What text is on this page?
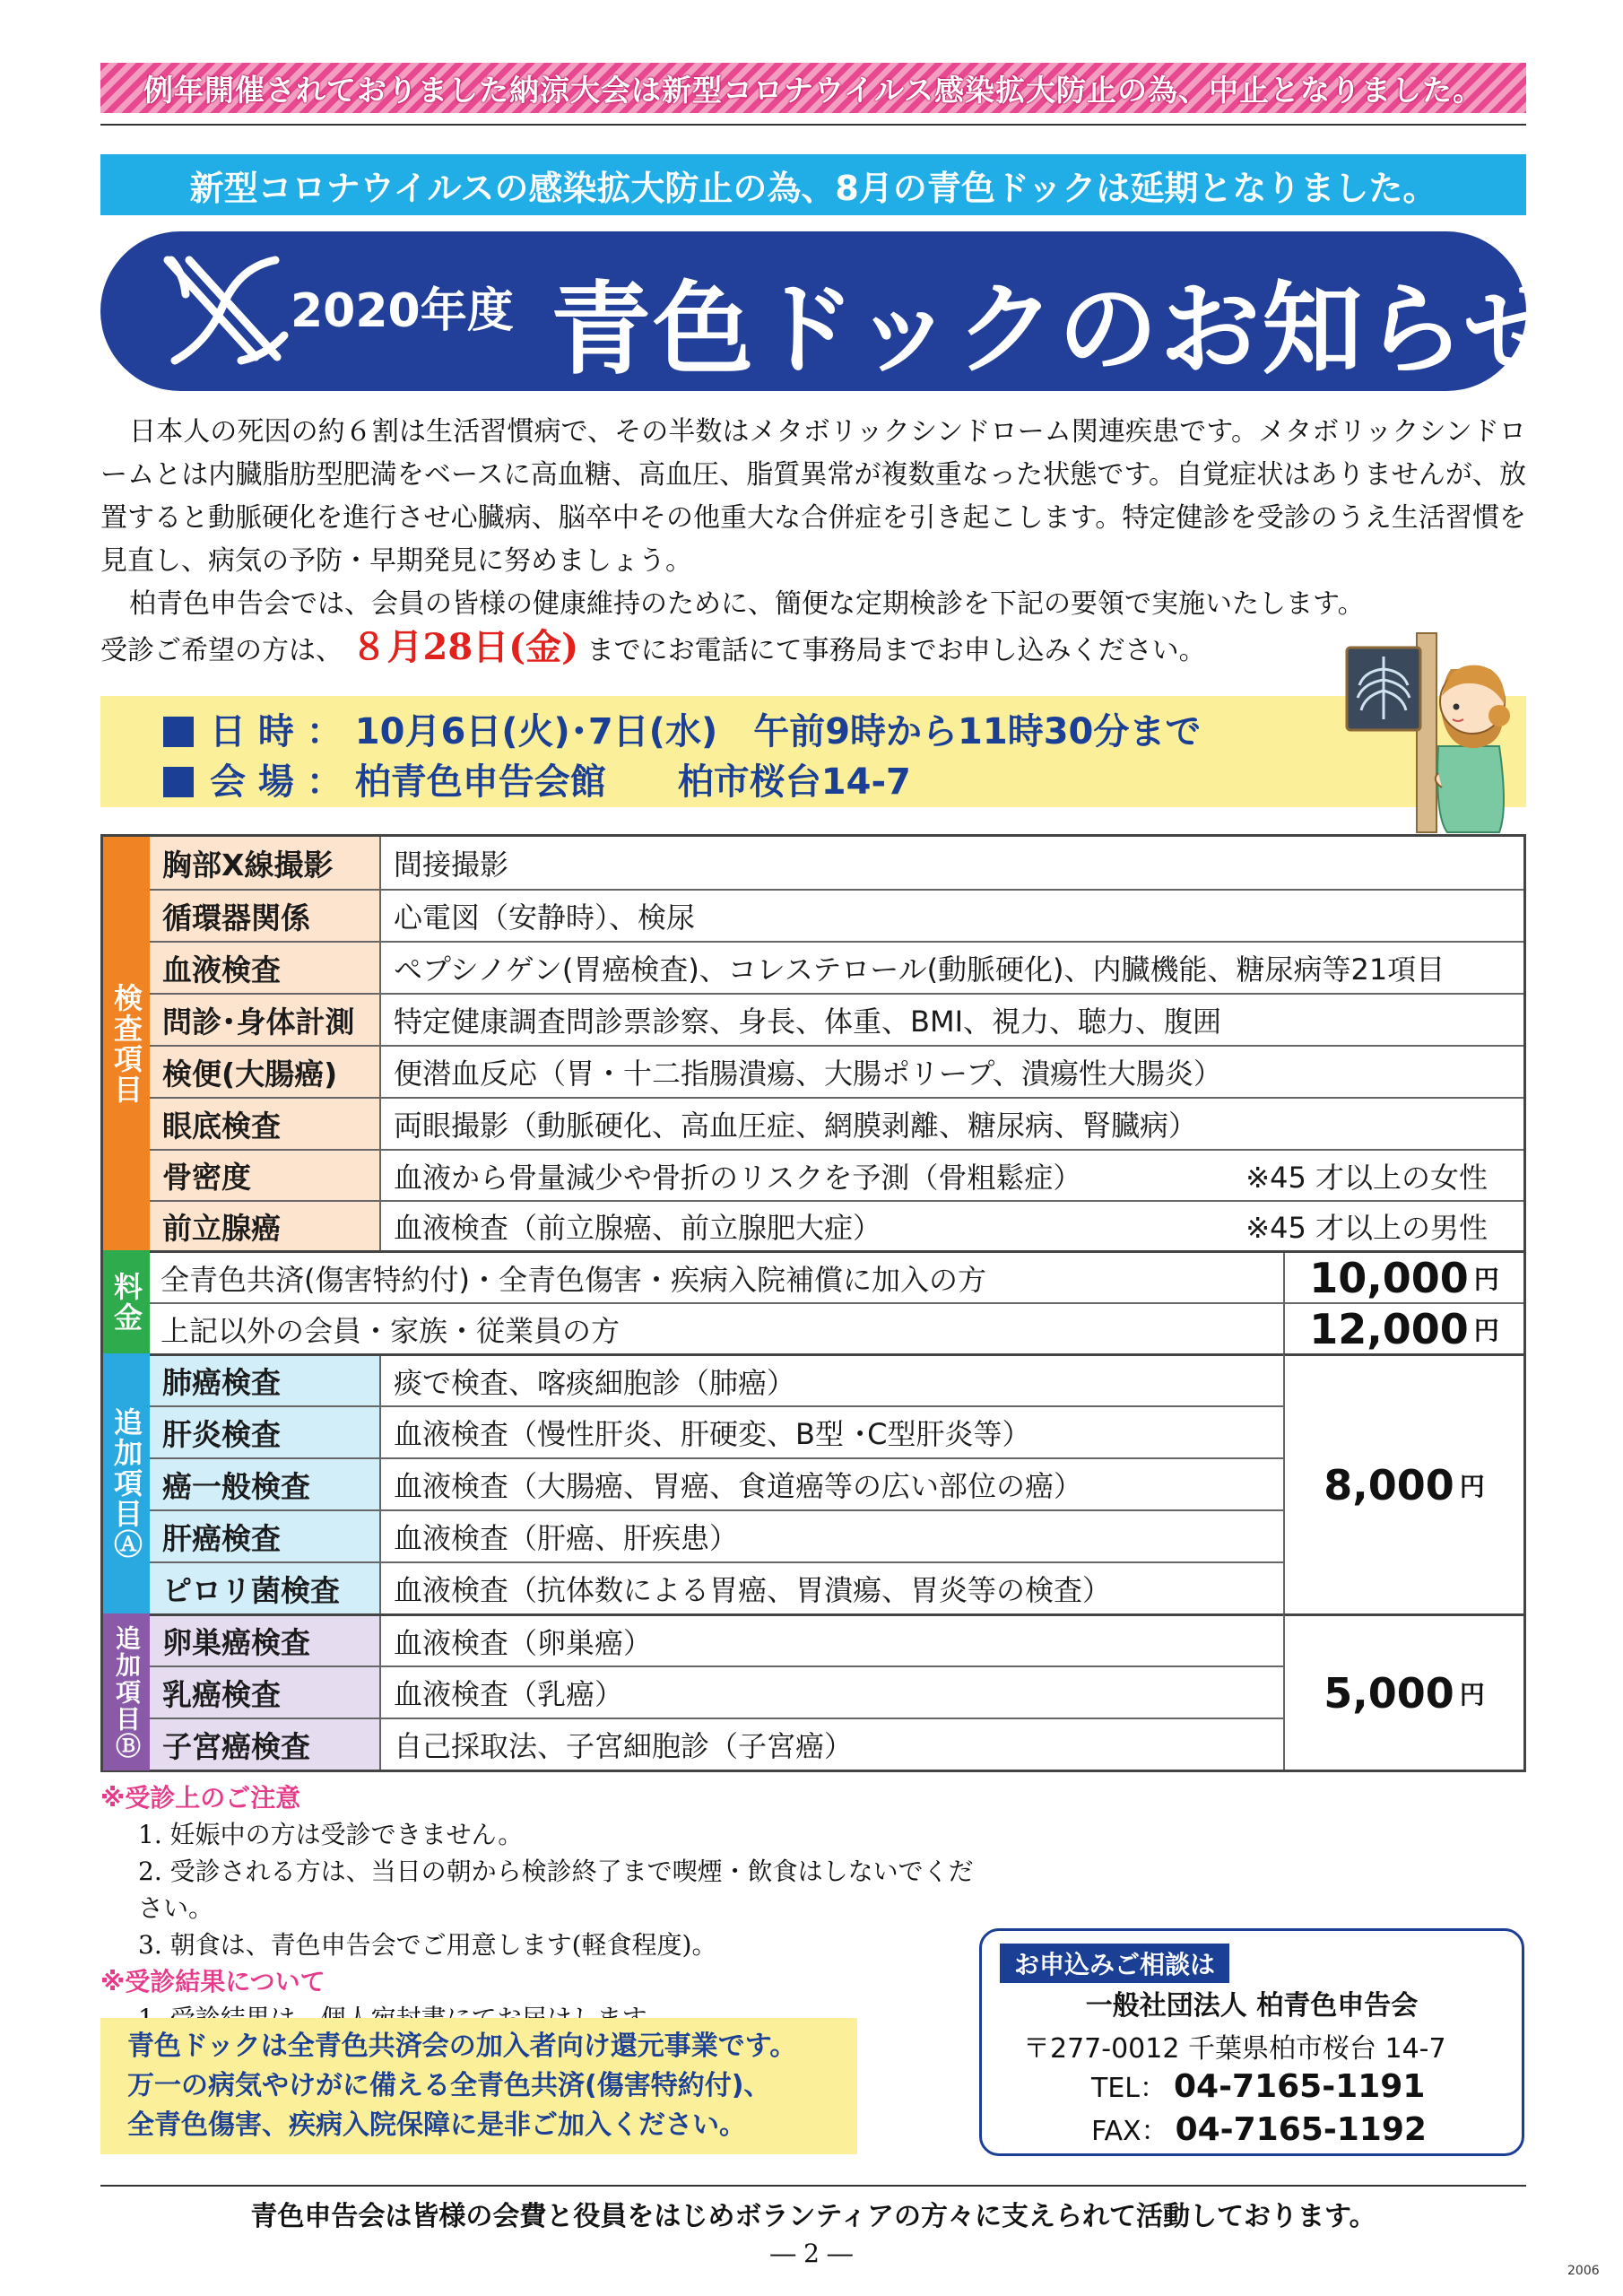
例年開催されておりました納涼大会は新型コロナウイルス感染拡大防止の為、中止となりました。
新型コロナウイルスの感染拡大防止の為、8月の青色ドックは延期となりました。
2020年度 青色ドックのお知らせ

日本人の死因の約６割は生活習慣病で、その半数はメタボリックシンドローム関連疾患です。メタボリックシンドロームとは内臓脂肪型肥満をベースに高血糖、高血圧、脂質異常が複数重なった状態です。自覚症状はありませんが、放置すると動脈硬化を進行させ心臓病、脳卒中その他重大な合併症を引き起こします。特定健診を受診のうえ生活習慣を見直し、病気の予防・早期発見に努めましょう。

柏青色申告会では、会員の皆様の健康維持のために、簡便な定期検診を下記の要領で実施いたします。

受診ご希望の方は、 ８月28日(金) までにお電話にて事務局までお申し込みください。

日 時 ： 10月6日(火)･7日(水)　午前9時から11時30分まで
会 場 ： 柏青色申告会館　　柏市桜台14-7
検査項目
料金
追加項目Ⓐ
追加項目Ⓑ
胸部X線撮影	間接撮影
循環器関係	心電図（安静時）、検尿
血液検査	ペプシノゲン(胃癌検査)、コレステロール(動脈硬化)、内臓機能、糖尿病等21項目
問診･身体計測	特定健康調査問診票診察、身長、体重、BMI、視力、聴力、腹囲
検便(大腸癌)	便潜血反応（胃・十二指腸潰瘍、大腸ポリープ、潰瘍性大腸炎）
眼底検査	両眼撮影（動脈硬化、高血圧症、網膜剥離、糖尿病、腎臓病）
骨密度	血液から骨量減少や骨折のリスクを予測（骨粗鬆症）	※45 才以上の女性
前立腺癌	血液検査（前立腺癌、前立腺肥大症）	※45 才以上の男性
全青色共済(傷害特約付)・全青色傷害・疾病入院補償に加入の方	10,000 円
上記以外の会員・家族・従業員の方	12,000 円
肺癌検査	痰で検査、喀痰細胞診（肺癌）
肝炎検査	血液検査（慢性肝炎、肝硬変、B型 ･C型肝炎等）
癌一般検査	血液検査（大腸癌、胃癌、食道癌等の広い部位の癌）
肝癌検査	血液検査（肝癌、肝疾患）
ピロリ菌検査	血液検査（抗体数による胃癌、胃潰瘍、胃炎等の検査）
8,000 円
卵巣癌検査	血液検査（卵巣癌）
乳癌検査	血液検査（乳癌）
子宮癌検査	自己採取法、子宮細胞診（子宮癌）
5,000 円
※受診上のご注意
1. 妊娠中の方は受診できません。
2. 受診される方は、当日の朝から検診終了まで喫煙・飲食はしないでください。
3. 朝食は、青色申告会でご用意します(軽食程度)。
※受診結果について
青色ドックは全青色共済会の加入者向け還元事業です。
万一の病気やけがに備える全青色共済(傷害特約付)、
全青色傷害、疾病入院保障に是非ご加入ください。
お申込みご相談は
一般社団法人 柏青色申告会
〒277-0012 千葉県柏市桜台 14-7
TEL： 04-7165-1191
FAX： 04-7165-1192
青色申告会は皆様の会費と役員をはじめボランティアの方々に支えられて活動しております。
― 2 ―
2006
